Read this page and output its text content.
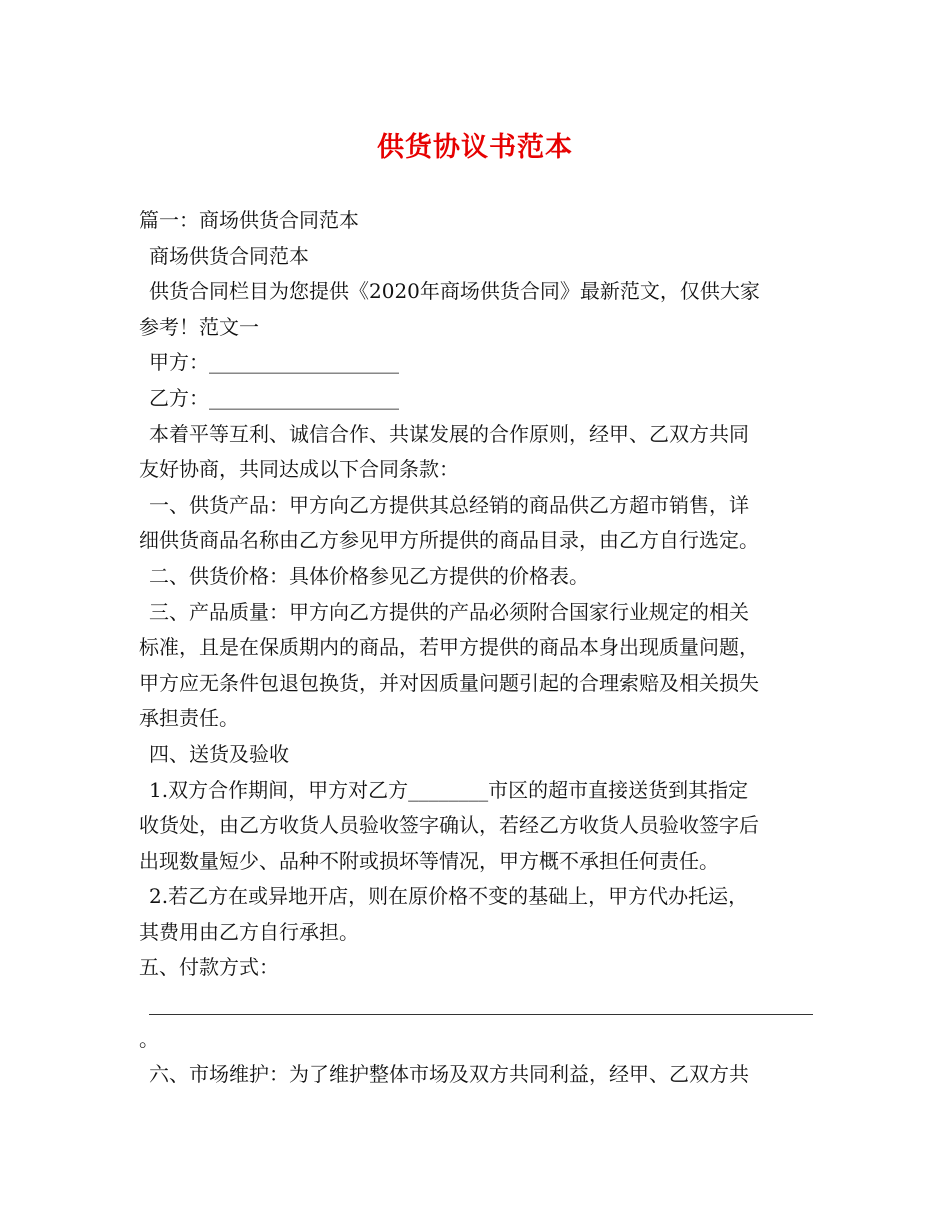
供货协议书范本

篇一：商场供货合同范本

商场供货合同范本

供货合同栏目为您提供《2020年商场供货合同》最新范文，仅供大家

参考！范文一

甲方：___________________

乙方：___________________

本着平等互利、诚信合作、共谋发展的合作原则，经甲、乙双方共同

友好协商，共同达成以下合同条款：

一、供货产品：甲方向乙方提供其总经销的商品供乙方超市销售，详

细供货商品名称由乙方参见甲方所提供的商品目录，由乙方自行选定。

二、供货价格：具体价格参见乙方提供的价格表。

三、产品质量：甲方向乙方提供的产品必须附合国家行业规定的相关

标准，且是在保质期内的商品，若甲方提供的商品本身出现质量问题，

甲方应无条件包退包换货，并对因质量问题引起的合理索赔及相关损失

承担责任。

四、送货及验收

1.双方合作期间，甲方对乙方________市区的超市直接送货到其指定

收货处，由乙方收货人员验收签字确认，若经乙方收货人员验收签字后

出现数量短少、品种不附或损坏等情况，甲方概不承担任何责任。

2.若乙方在或异地开店，则在原价格不变的基础上，甲方代办托运，

其费用由乙方自行承担。

五、付款方式：

。

六、市场维护：为了维护整体市场及双方共同利益，经甲、乙双方共
